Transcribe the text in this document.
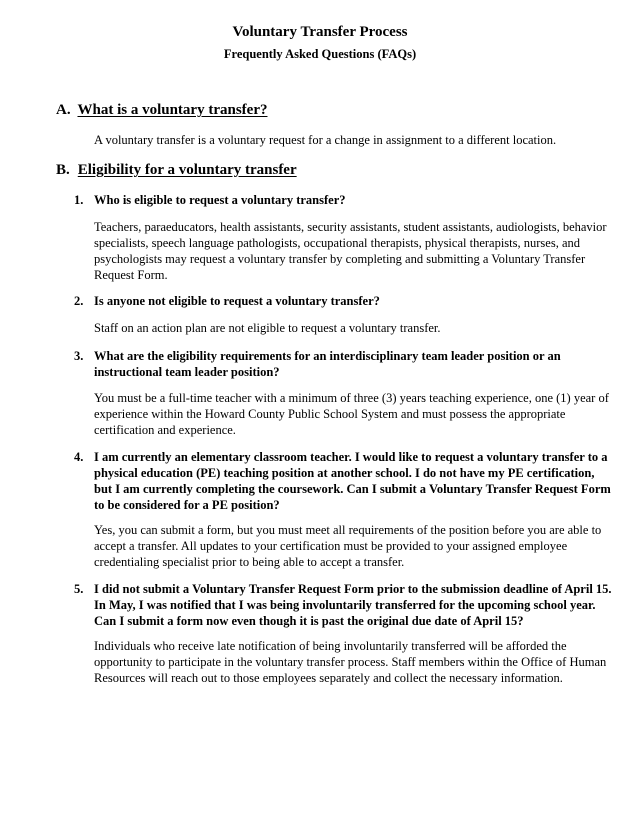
Voluntary Transfer Process
Frequently Asked Questions (FAQs)
A. What is a voluntary transfer?

A voluntary transfer is a voluntary request for a change in assignment to a different location.

B. Eligibility for a voluntary transfer
1. Who is eligible to request a voluntary transfer?

Teachers, paraeducators, health assistants, security assistants, student assistants, audiologists, behavior specialists, speech language pathologists, occupational therapists, physical therapists, nurses, and psychologists may request a voluntary transfer by completing and submitting a Voluntary Transfer Request Form.

2. Is anyone not eligible to request a voluntary transfer?

Staff on an action plan are not eligible to request a voluntary transfer.

3. What are the eligibility requirements for an interdisciplinary team leader position or an instructional team leader position?

You must be a full-time teacher with a minimum of three (3) years teaching experience, one (1) year of experience within the Howard County Public School System and must possess the appropriate certification and experience.

4. I am currently an elementary classroom teacher. I would like to request a voluntary transfer to a physical education (PE) teaching position at another school. I do not have my PE certification, but I am currently completing the coursework. Can I submit a Voluntary Transfer Request Form to be considered for a PE position?

Yes, you can submit a form, but you must meet all requirements of the position before you are able to accept a transfer. All updates to your certification must be provided to your assigned employee credentialing specialist prior to being able to accept a transfer.

5. I did not submit a Voluntary Transfer Request Form prior to the submission deadline of April 15. In May, I was notified that I was being involuntarily transferred for the upcoming school year. Can I submit a form now even though it is past the original due date of April 15?

Individuals who receive late notification of being involuntarily transferred will be afforded the opportunity to participate in the voluntary transfer process. Staff members within the Office of Human Resources will reach out to those employees separately and collect the necessary information.
